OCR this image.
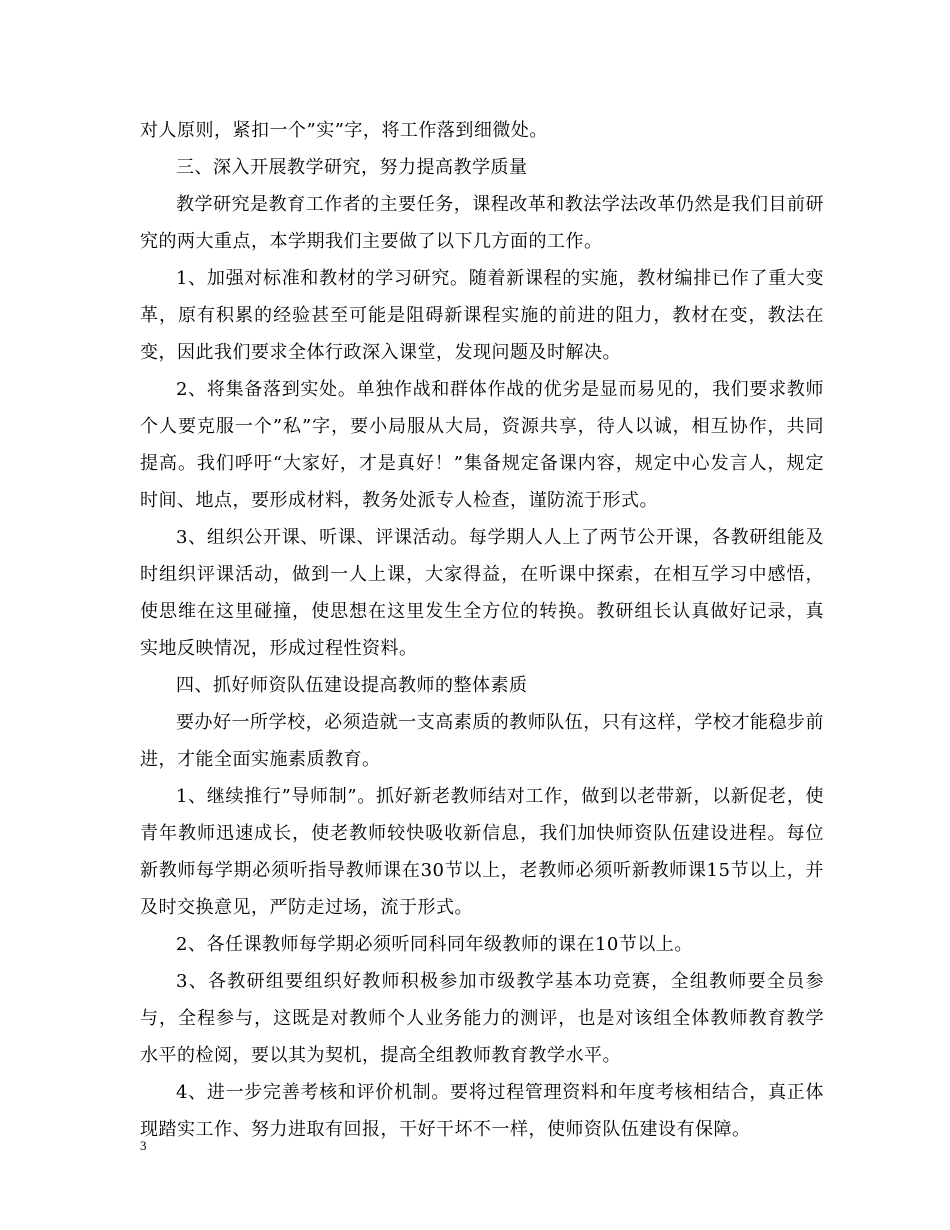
对人原则，紧扣一个”实”字，将工作落到细微处。

三、深入开展教学研究，努力提高教学质量

教学研究是教育工作者的主要任务，课程改革和教法学法改革仍然是我们目前研究的两大重点，本学期我们主要做了以下几方面的工作。

1、加强对标准和教材的学习研究。随着新课程的实施，教材编排已作了重大变革，原有积累的经验甚至可能是阻碍新课程实施的前进的阻力，教材在变，教法在变，因此我们要求全体行政深入课堂，发现问题及时解决。

2、将集备落到实处。单独作战和群体作战的优劣是显而易见的，我们要求教师个人要克服一个”私”字，要小局服从大局，资源共享，待人以诚，相互协作，共同提高。我们呼吁“大家好，才是真好！”集备规定备课内容，规定中心发言人，规定时间、地点，要形成材料，教务处派专人检查，谨防流于形式。

3、组织公开课、听课、评课活动。每学期人人上了两节公开课，各教研组能及时组织评课活动，做到一人上课，大家得益，在听课中探索，在相互学习中感悟，使思维在这里碰撞，使思想在这里发生全方位的转换。教研组长认真做好记录，真实地反映情况，形成过程性资料。

四、抓好师资队伍建设提高教师的整体素质

要办好一所学校，必须造就一支高素质的教师队伍，只有这样，学校才能稳步前进，才能全面实施素质教育。

1、继续推行”导师制”。抓好新老教师结对工作，做到以老带新，以新促老，使青年教师迅速成长，使老教师较快吸收新信息，我们加快师资队伍建设进程。每位新教师每学期必须听指导教师课在30节以上，老教师必须听新教师课15节以上，并及时交换意见，严防走过场，流于形式。

2、各任课教师每学期必须听同科同年级教师的课在10节以上。

3、各教研组要组织好教师积极参加市级教学基本功竞赛，全组教师要全员参与，全程参与，这既是对教师个人业务能力的测评，也是对该组全体教师教育教学水平的检阅，要以其为契机，提高全组教师教育教学水平。

4、进一步完善考核和评价机制。要将过程管理资料和年度考核相结合，真正体现踏实工作、努力进取有回报，干好干坏不一样，使师资队伍建设有保障。

3
